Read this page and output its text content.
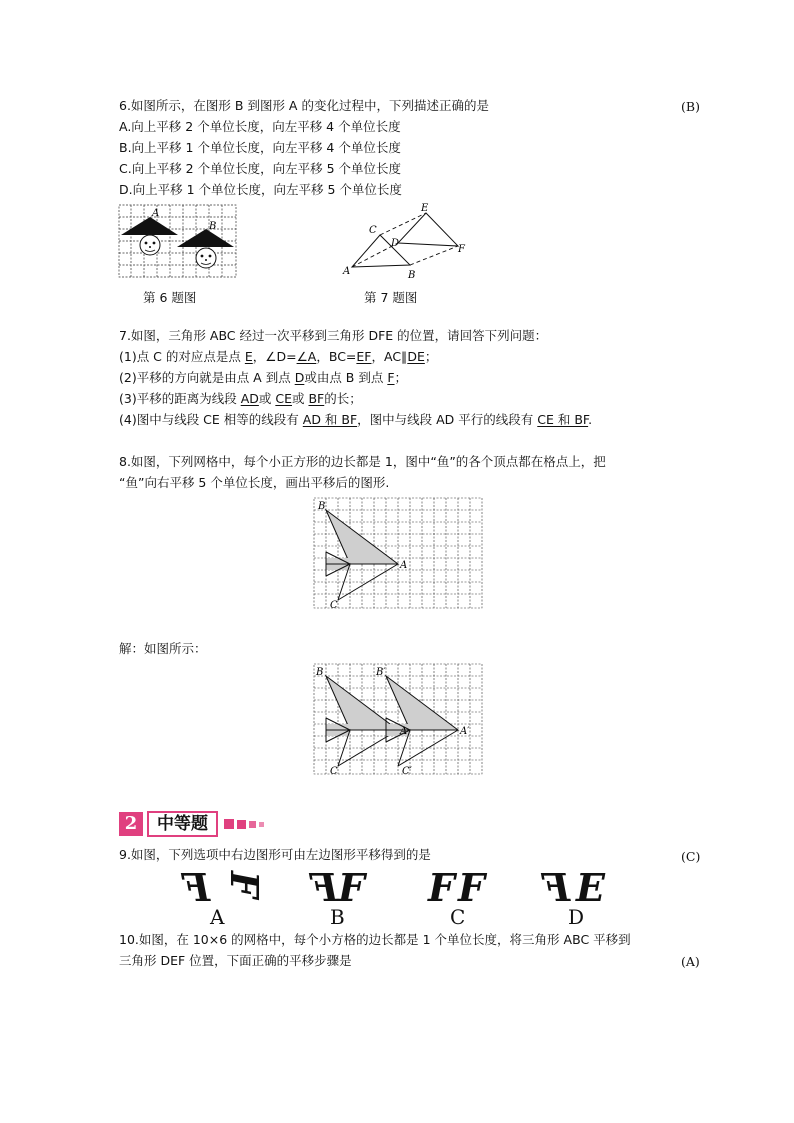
6.如图所示，在图形 B 到图形 A 的变化过程中，下列描述正确的是	(B)
A.向上平移 2 个单位长度，向左平移 4 个单位长度
B.向上平移 1 个单位长度，向左平移 4 个单位长度
C.向上平移 2 个单位长度，向左平移 5 个单位长度
D.向上平移 1 个单位长度，向左平移 5 个单位长度
A
B
第 6 题图
A	B
C
D
E
F
第 7 题图
7.如图，三角形 ABC 经过一次平移到三角形 DFE 的位置，请回答下列问题：
(1)点 C 的对应点是点 E，∠D=∠A，BC=EF，AC∥DE；
(2)平移的方向就是由点 A 到点 D或由点 B 到点 F；
(3)平移的距离为线段 AD或 CE或 BF的长；
(4)图中与线段 CE 相等的线段有 AD 和 BF，图中与线段 AD 平行的线段有 CE 和 BF.
8.如图，下列网格中，每个小正方形的边长都是 1，图中“鱼”的各个顶点都在格点上，把
“鱼”向右平移 5 个单位长度，画出平移后的图形.
B
A
C
解：如图所示：
B
A
C
B′
A′
C′
2	中等题
9.如图，下列选项中右边图形可由左边图形平移得到的是	(C)
F F F F F F F E
A	B	C	D
10.如图，在 10×6 的网格中，每个小方格的边长都是 1 个单位长度，将三角形 ABC 平移到
三角形 DEF 位置，下面正确的平移步骤是	(A)
